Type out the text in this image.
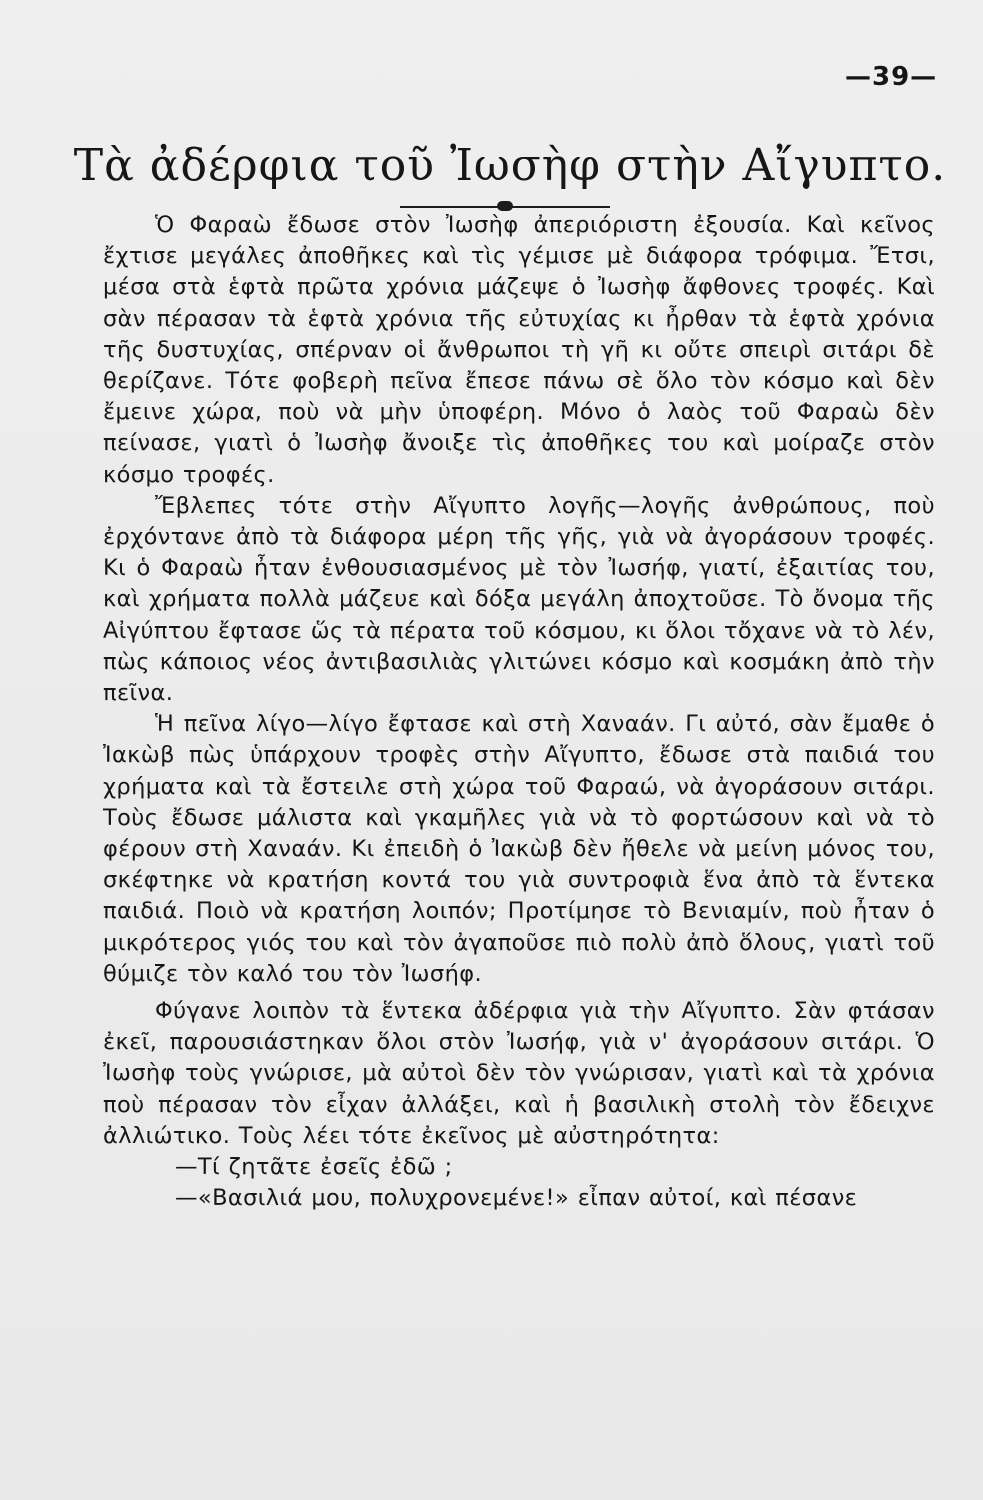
—39—
Τὰ ἀδέρφια τοῦ Ἰωσὴφ στὴν Αἴγυπτο.

Ὁ Φαραὼ ἔδωσε στὸν Ἰωσὴφ ἀπεριόριστη ἐξουσία. Καὶ κεῖνος ἔχτισε μεγάλες ἀποθῆκες καὶ τὶς γέμισε μὲ διάφορα τρόφιμα. Ἔτσι, μέσα στὰ ἑφτὰ πρῶτα χρόνια μάζεψε ὁ Ἰωσὴφ ἄφθονες τροφές. Καὶ σὰν πέρασαν τὰ ἑφτὰ χρόνια τῆς εὐτυχίας κι ἦρθαν τὰ ἑφτὰ χρόνια τῆς δυστυχίας, σπέρναν οἱ ἄνθρωποι τὴ γῆ κι οὔτε σπειρὶ σιτάρι δὲ θερίζανε. Τότε φοβερὴ πεῖνα ἔπεσε πάνω σὲ ὅλο τὸν κόσμο καὶ δὲν ἔμεινε χώρα, ποὺ νὰ μὴν ὑποφέρη. Μόνο ὁ λαὸς τοῦ Φαραὼ δὲν πείνασε, γιατὶ ὁ Ἰωσὴφ ἄνοιξε τὶς ἀποθῆκες του καὶ μοίραζε στὸν κόσμο τροφές.

Ἔβλεπες τότε στὴν Αἴγυπτο λογῆς—λογῆς ἀνθρώπους, ποὺ ἐρχόντανε ἀπὸ τὰ διάφορα μέρη τῆς γῆς, γιὰ νὰ ἀγοράσουν τροφές. Κι ὁ Φαραὼ ἦταν ἐνθουσιασμένος μὲ τὸν Ἰωσήφ, γιατί, ἐξαιτίας του, καὶ χρήματα πολλὰ μάζευε καὶ δόξα μεγάλη ἀποχτοῦσε. Τὸ ὄνομα τῆς Αἰγύπτου ἔφτασε ὥς τὰ πέρατα τοῦ κόσμου, κι ὅλοι τὄχανε νὰ τὸ λέν, πὼς κάποιος νέος ἀντιβασιλιὰς γλιτώνει κόσμο καὶ κοσμάκη ἀπὸ τὴν πεῖνα.

Ἡ πεῖνα λίγο—λίγο ἔφτασε καὶ στὴ Χαναάν. Γι αὐτό, σὰν ἔμαθε ὁ Ἰακὼβ πὼς ὑπάρχουν τροφὲς στὴν Αἴγυπτο, ἔδωσε στὰ παιδιά του χρήματα καὶ τὰ ἔστειλε στὴ χώρα τοῦ Φαραώ, νὰ ἀγοράσουν σιτάρι. Τοὺς ἔδωσε μάλιστα καὶ γκαμῆλες γιὰ νὰ τὸ φορτώσουν καὶ νὰ τὸ φέρουν στὴ Χαναάν. Κι ἐπειδὴ ὁ Ἰακὼβ δὲν ἤθελε νὰ μείνη μόνος του, σκέφτηκε νὰ κρατήση κοντά του γιὰ συντροφιὰ ἕνα ἀπὸ τὰ ἕντεκα παιδιά. Ποιὸ νὰ κρατήση λοιπόν; Προτίμησε τὸ Βενιαμίν, ποὺ ἦταν ὁ μικρότερος γιός του καὶ τὸν ἀγαποῦσε πιὸ πολὺ ἀπὸ ὅλους, γιατὶ τοῦ θύμιζε τὸν καλό του τὸν Ἰωσήφ.

Φύγανε λοιπὸν τὰ ἕντεκα ἀδέρφια γιὰ τὴν Αἴγυπτο. Σὰν φτάσαν ἐκεῖ, παρουσιάστηκαν ὅλοι στὸν Ἰωσήφ, γιὰ ν' ἀγοράσουν σιτάρι. Ὁ Ἰωσὴφ τοὺς γνώρισε, μὰ αὐτοὶ δὲν τὸν γνώρισαν, γιατὶ καὶ τὰ χρόνια ποὺ πέρασαν τὸν εἶχαν ἀλλάξει, καὶ ἡ βασιλικὴ στολὴ τὸν ἔδειχνε ἀλλιώτικο. Τοὺς λέει τότε ἐκεῖνος μὲ αὐστηρότητα:

—Τί ζητᾶτε ἐσεῖς ἐδῶ ;

—«Βασιλιά μου, πολυχρονεμένε!» εἶπαν αὐτοί, καὶ πέσανε
